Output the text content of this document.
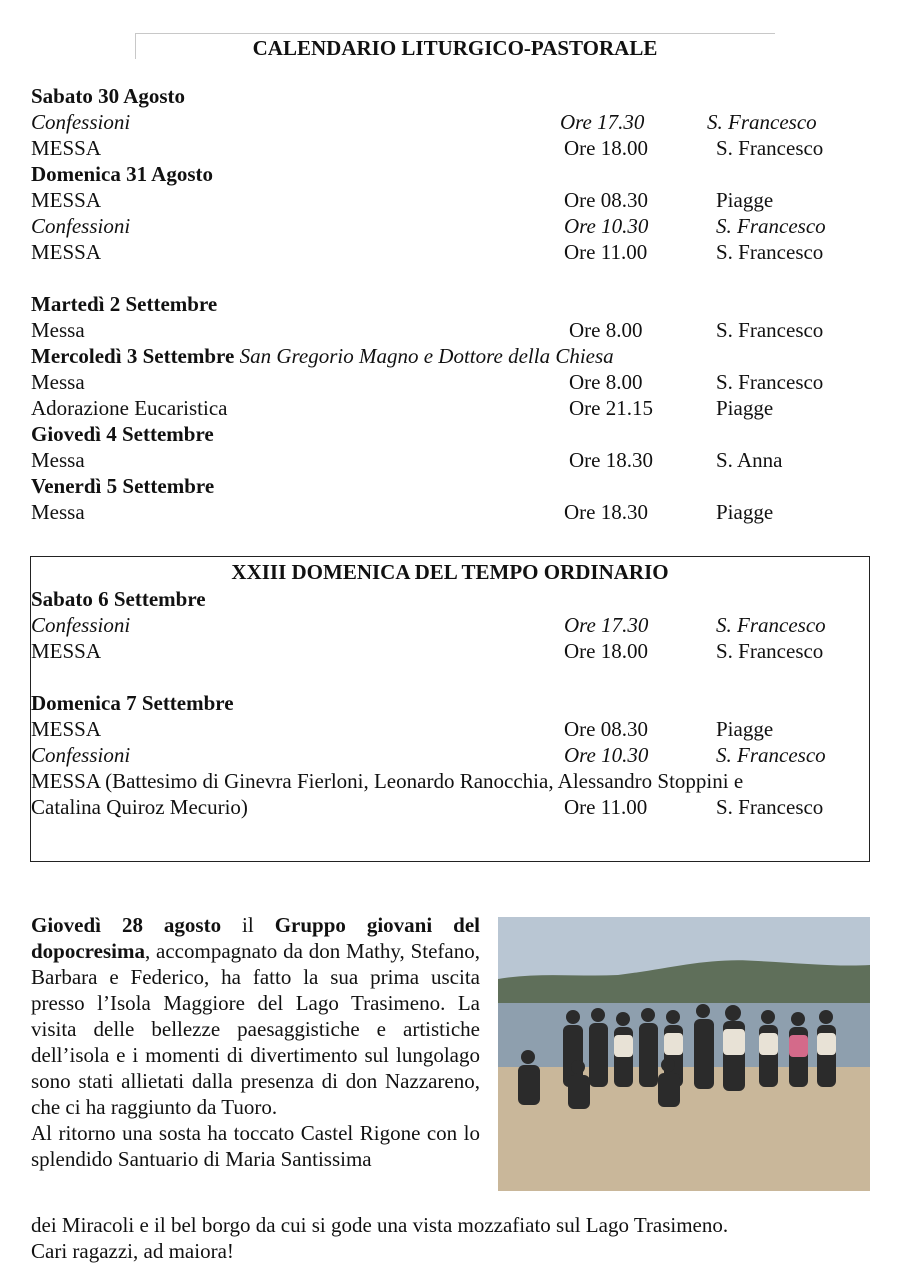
CALENDARIO LITURGICO-PASTORALE
Sabato 30 Agosto
Confessioni	Ore 17.30	S. Francesco
MESSA	Ore 18.00	S. Francesco
Domenica 31 Agosto
MESSA	Ore 08.30	Piagge
Confessioni	Ore 10.30	S. Francesco
MESSA	Ore 11.00	S. Francesco
Martedì 2 Settembre
Messa	Ore 8.00	S. Francesco
Mercoledì 3 Settembre San Gregorio Magno e Dottore della Chiesa
Messa	Ore 8.00	S. Francesco
Adorazione Eucaristica	Ore 21.15	Piagge
Giovedì 4 Settembre
Messa	Ore 18.30	S. Anna
Venerdì 5 Settembre
Messa	Ore 18.30	Piagge
XXIII DOMENICA DEL TEMPO ORDINARIO
Sabato 6 Settembre
Confessioni	Ore 17.30	S. Francesco
MESSA	Ore 18.00	S. Francesco
Domenica 7 Settembre
MESSA	Ore 08.30	Piagge
Confessioni	Ore 10.30	S. Francesco
MESSA (Battesimo di Ginevra Fierloni, Leonardo Ranocchia, Alessandro Stoppini e
Catalina Quiroz Mecurio)	Ore 11.00	S. Francesco
Giovedì 28 agosto il Gruppo giovani del dopocresima, accompagnato da don Mathy, Stefano, Barbara e Federico, ha fatto la sua prima uscita presso l’Isola Maggiore del Lago Trasimeno. La visita delle bellezze paesaggistiche e artistiche dell’isola e i momenti di divertimento sul lungolago sono stati allietati dalla presenza di don Nazzareno, che ci ha raggiunto da Tuoro.
Al ritorno una sosta ha toccato Castel Rigone con lo splendido Santuario di Maria Santissima
dei Miracoli e il bel borgo da cui si gode una vista mozzafiato sul Lago Trasimeno.
Cari ragazzi, ad maiora!
